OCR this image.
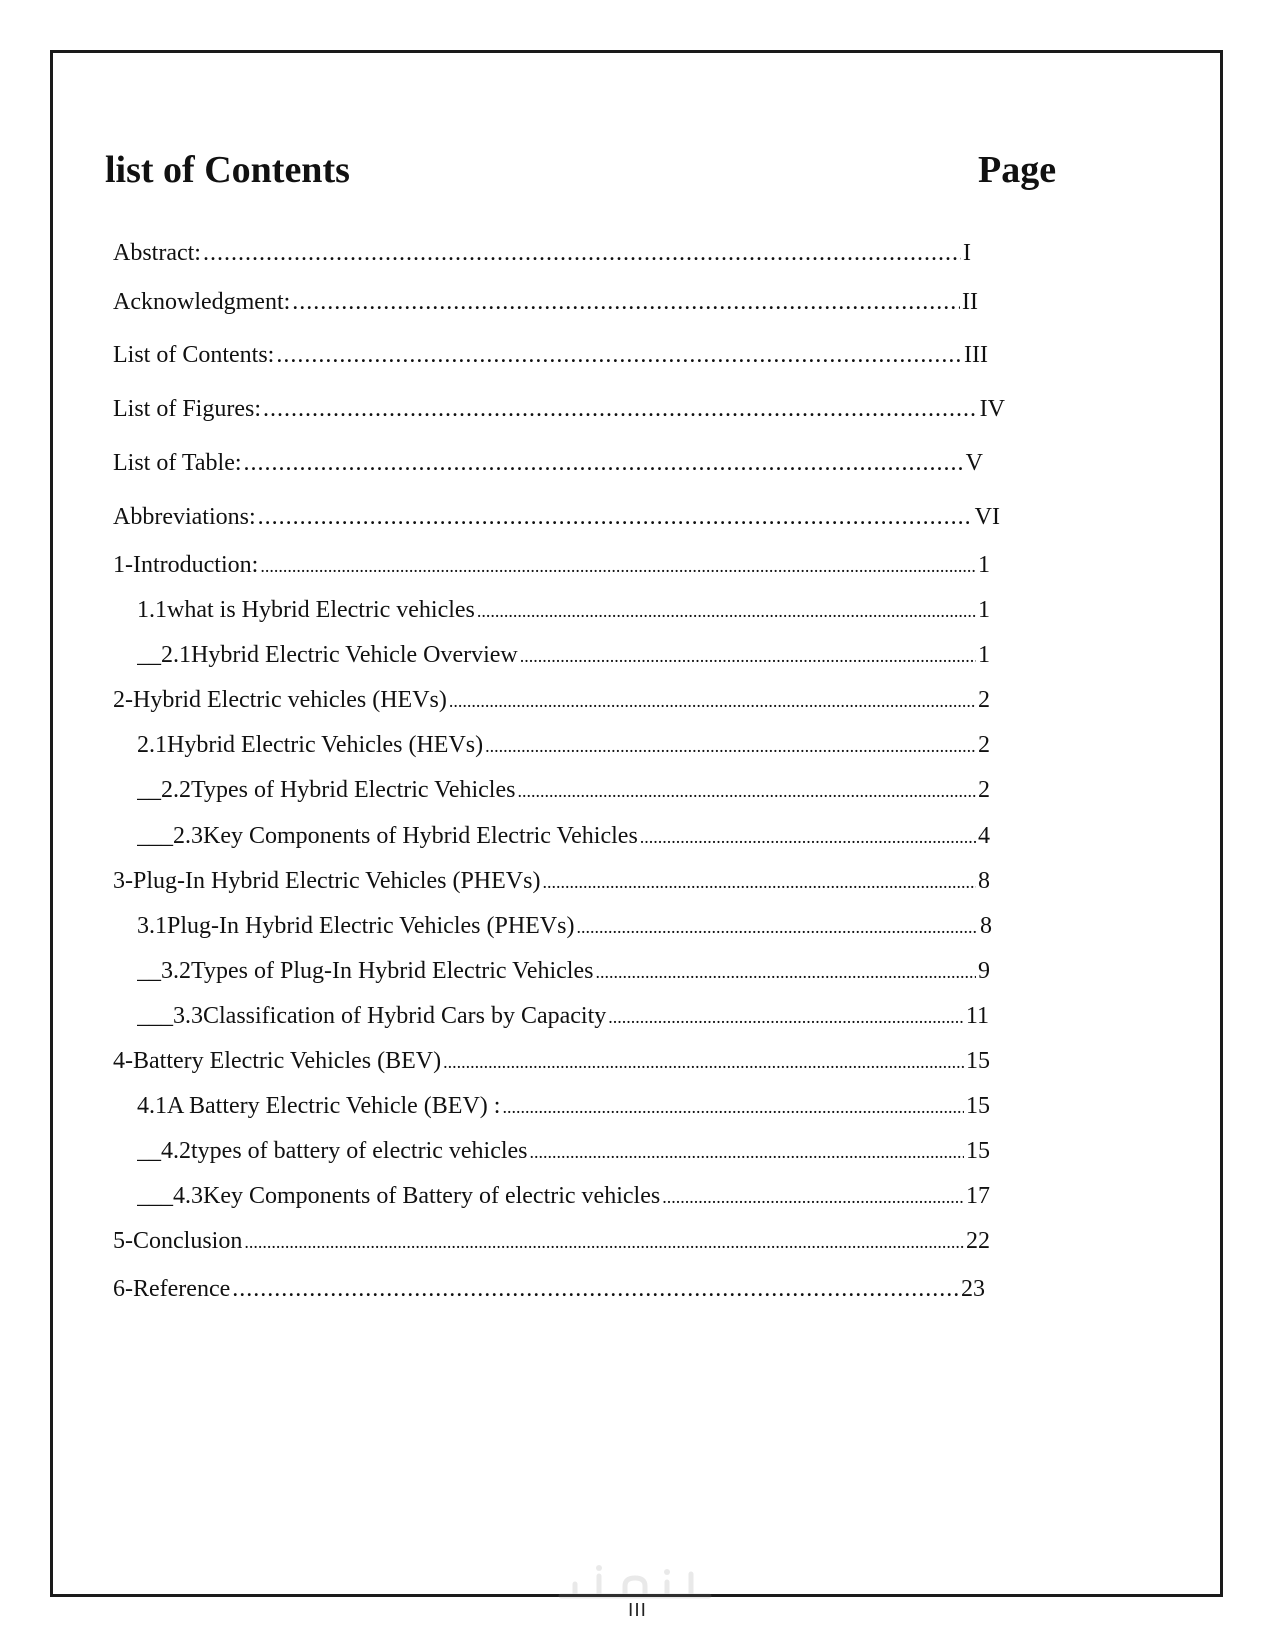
list of Contents	Page
Abstract: .....	I
Acknowledgment: .....	II
List of Contents: .....	III
List of Figures: .....	IV
List of Table: .....	V
Abbreviations: .....	VI
1-Introduction: .....	1
1.1what is Hybrid Electric vehicles .....	1
__2.1Hybrid Electric Vehicle Overview .....	1
2-Hybrid Electric vehicles (HEVs) .....	2
2.1Hybrid Electric Vehicles (HEVs) .....	2
__2.2Types of Hybrid Electric Vehicles .....	2
___2.3Key Components of Hybrid Electric Vehicles .....	4
3-Plug-In Hybrid Electric Vehicles (PHEVs) .....	8
3.1Plug-In Hybrid Electric Vehicles (PHEVs) .....	8
__3.2Types of Plug-In Hybrid Electric Vehicles .....	9
___3.3Classification of Hybrid Cars by Capacity .....	11
4-Battery Electric Vehicles (BEV) .....	15
4.1A Battery Electric Vehicle (BEV) : .....	15
__4.2types of battery of electric vehicles .....	15
___4.3Key Components of Battery of electric vehicles .....	17
5-Conclusion .....	22
6-Reference .....	23
III
